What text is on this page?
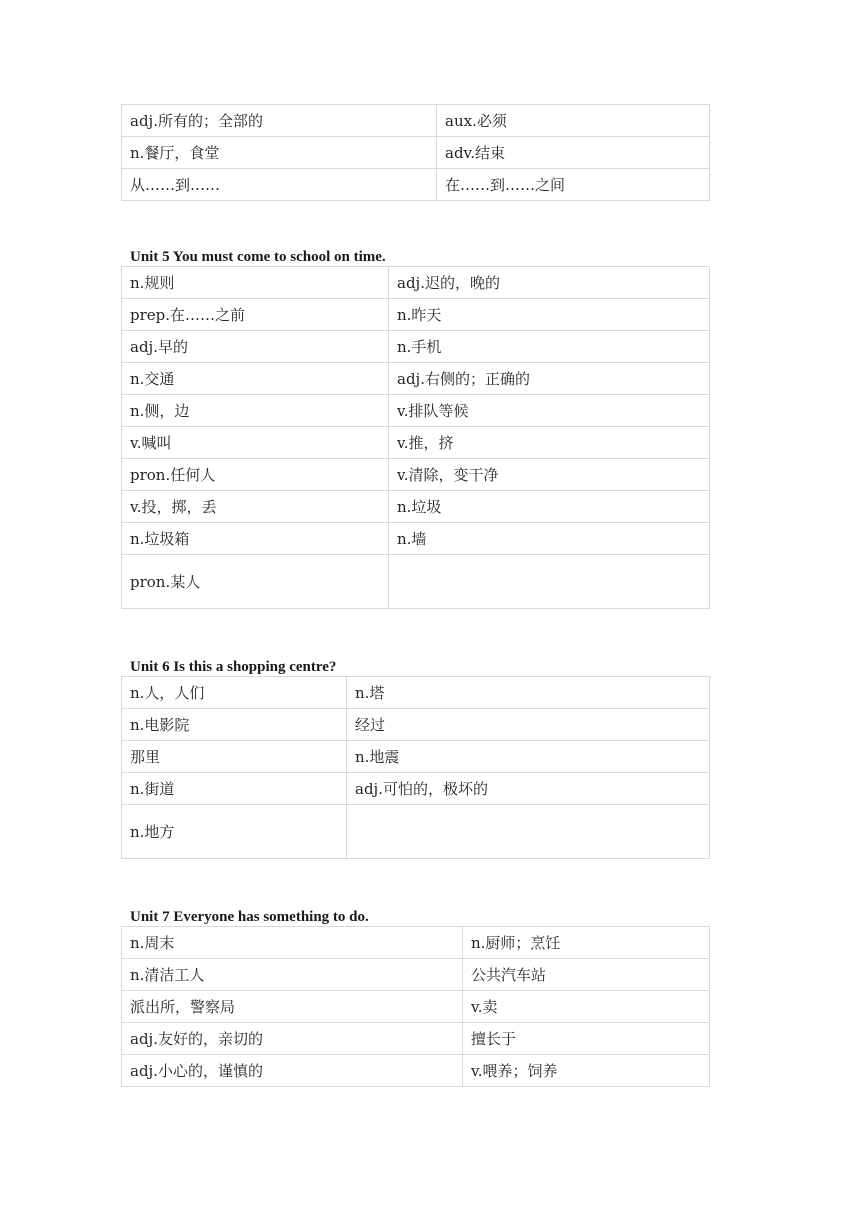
adj.所有的；全部的	aux.必须
n.餐厅，食堂	adv.结束
从……到……	在……到……之间
Unit 5 You must come to school on time.
n.规则	adj.迟的，晚的
prep.在……之前	n.昨天
adj.早的	n.手机
n.交通	adj.右侧的；正确的
n.侧，边	v.排队等候
v.喊叫	v.推，挤
pron.任何人	v.清除，变干净
v.投，掷，丢	n.垃圾
n.垃圾箱	n.墙
pron.某人	
Unit 6 Is this a shopping centre?
n.人，人们	n.塔
n.电影院	经过
那里	n.地震
n.街道	adj.可怕的，极坏的
n.地方	
Unit 7 Everyone has something to do.
n.周末	n.厨师；烹饪
n.清洁工人	公共汽车站
派出所，警察局	v.卖
adj.友好的，亲切的	擅长于
adj.小心的，谨慎的	v.喂养；饲养
